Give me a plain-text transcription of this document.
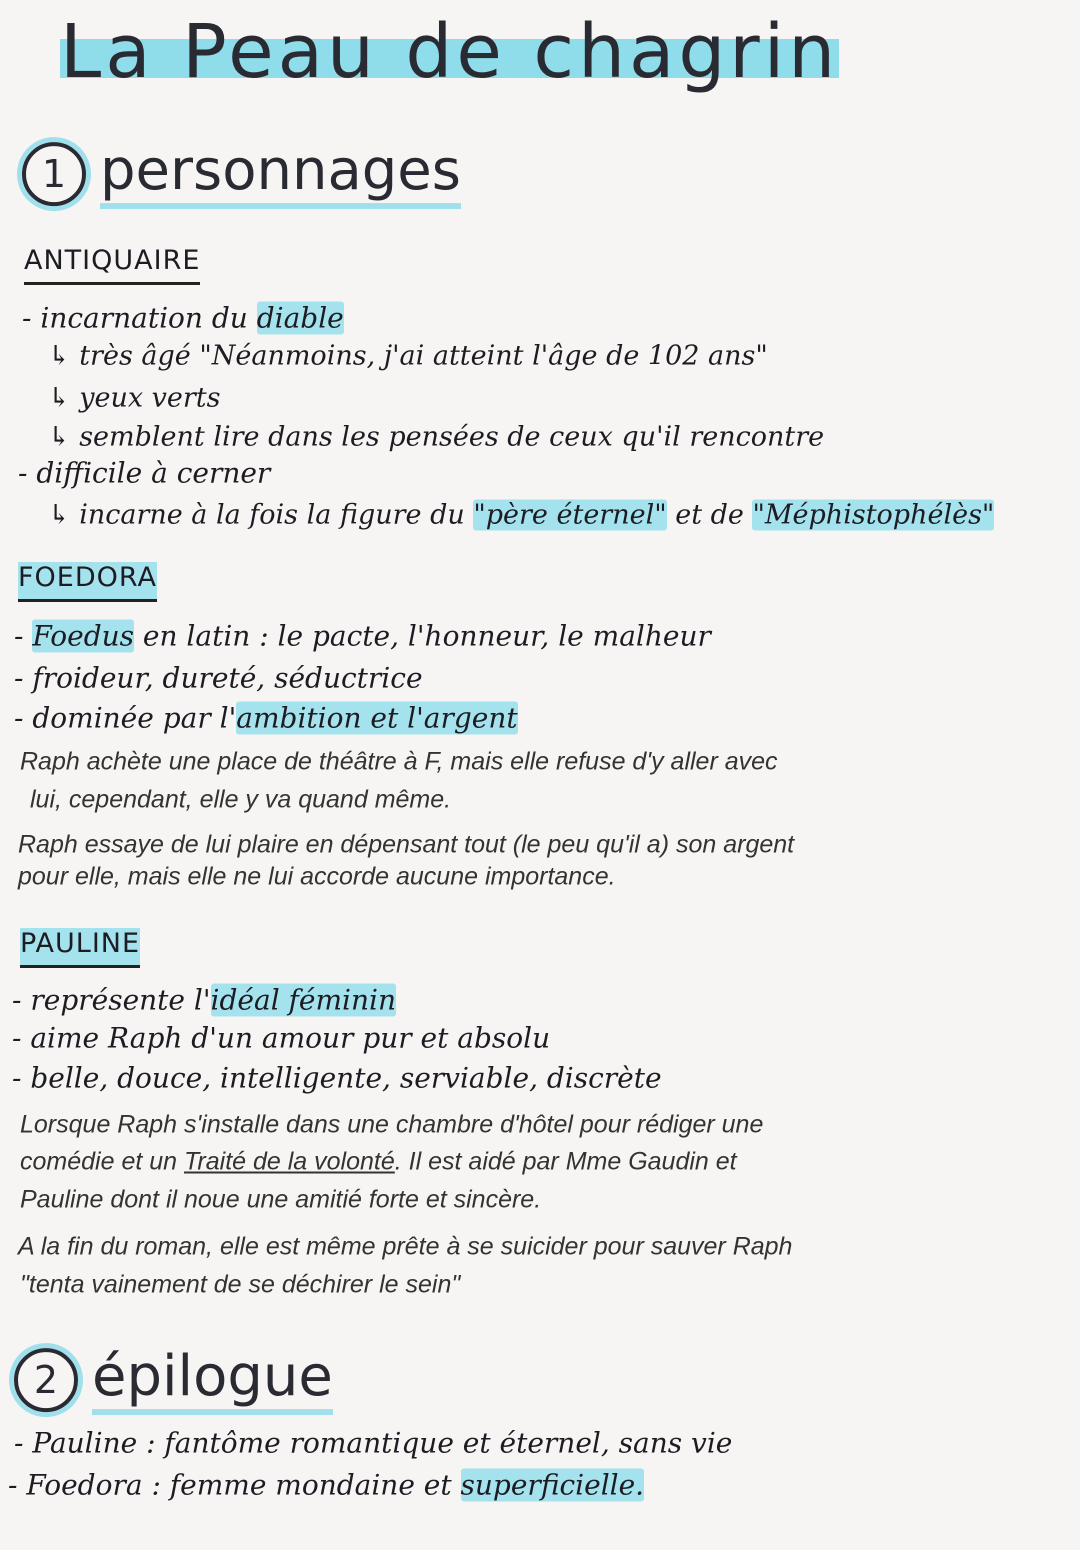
La Peau de chagrin
1 personnages
2 épilogue
ANTIQUAIRE
- incarnation du diable
↳ très âgé "Néanmoins, j'ai atteint l'âge de 102 ans"
↳ yeux verts
↳ semblent lire dans les pensées de ceux qu'il rencontre
- difficile à cerner
↳ incarne à la fois la figure du "père éternel" et de "Méphistophélès"
FOEDORA
- Foedus en latin : le pacte, l'honneur, le malheur
- froideur, dureté, séductrice
- dominée par l'ambition et l'argent
Raph achète une place de théâtre à F, mais elle refuse d'y aller avec
lui, cependant, elle y va quand même.
Raph essaye de lui plaire en dépensant tout (le peu qu'il a) son argent
pour elle, mais elle ne lui accorde aucune importance.
PAULINE
- représente l'idéal féminin
- aime Raph d'un amour pur et absolu
- belle, douce, intelligente, serviable, discrète
Lorsque Raph s'installe dans une chambre d'hôtel pour rédiger une
comédie et un Traité de la volonté. Il est aidé par Mme Gaudin et
Pauline dont il noue une amitié forte et sincère.
A la fin du roman, elle est même prête à se suicider pour sauver Raph
"tenta vainement de se déchirer le sein"
- Pauline : fantôme romantique et éternel, sans vie
- Foedora : femme mondaine et superficielle.
